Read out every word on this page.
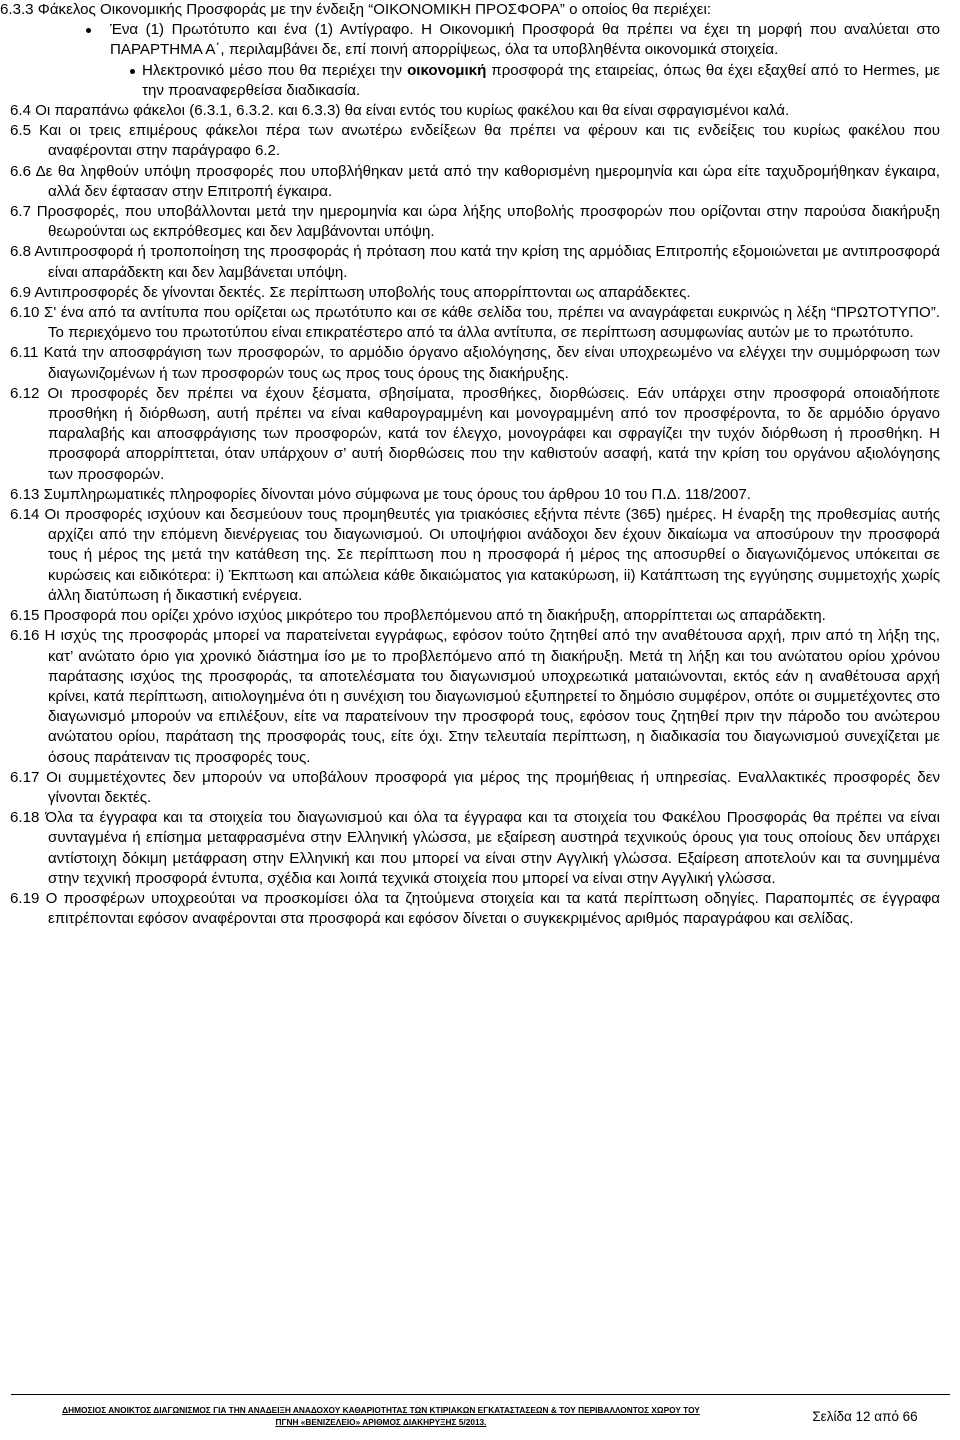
6.3.3 Φάκελος Οικονομικής Προσφοράς με την ένδειξη “ΟΙΚΟΝΟΜΙΚΗ ΠΡΟΣΦΟΡΑ” ο οποίος θα περιέχει:

Ένα (1) Πρωτότυπο και ένα (1) Αντίγραφο. Η Οικονομική Προσφορά θα πρέπει να έχει τη μορφή που αναλύεται στο ΠΑΡΑΡΤΗΜΑ Α΄, περιλαμβάνει δε, επί ποινή απορρίψεως, όλα τα υποβληθέντα οικονομικά στοιχεία.

Ηλεκτρονικό μέσο που θα περιέχει την οικονομική προσφορά της εταιρείας, όπως θα έχει εξαχθεί από το Hermes, με την προαναφερθείσα διαδικασία.

6.4 Οι παραπάνω φάκελοι (6.3.1, 6.3.2. και 6.3.3) θα είναι εντός του κυρίως φακέλου και θα είναι σφραγισμένοι καλά.

6.5 Και οι τρεις επιμέρους φάκελοι πέρα των ανωτέρω ενδείξεων θα πρέπει να φέρουν και τις ενδείξεις του κυρίως φακέλου που αναφέρονται στην παράγραφο 6.2.

6.6 Δε θα ληφθούν υπόψη προσφορές που υποβλήθηκαν μετά από την καθορισμένη ημερομηνία και ώρα είτε ταχυδρομήθηκαν έγκαιρα, αλλά δεν έφτασαν στην Επιτροπή έγκαιρα.

6.7 Προσφορές, που υποβάλλονται μετά την ημερομηνία και ώρα λήξης υποβολής προσφορών που ορίζονται στην παρούσα διακήρυξη θεωρούνται ως εκπρόθεσμες και δεν λαμβάνονται υπόψη.

6.8 Αντιπροσφορά ή τροποποίηση της προσφοράς ή πρόταση που κατά την κρίση της αρμόδιας Επιτροπής εξομοιώνεται με αντιπροσφορά είναι απαράδεκτη και δεν λαμβάνεται υπόψη.

6.9 Αντιπροσφορές δε γίνονται δεκτές. Σε περίπτωση υποβολής τους απορρίπτονται ως απαράδεκτες.

6.10 Σ' ένα από τα αντίτυπα που ορίζεται ως πρωτότυπο και σε κάθε σελίδα του, πρέπει να αναγράφεται ευκρινώς η λέξη “ΠΡΩΤΟΤΥΠΟ”. Το περιεχόμενο του πρωτοτύπου είναι επικρατέστερο από τα άλλα αντίτυπα, σε περίπτωση ασυμφωνίας αυτών με το πρωτότυπο.

6.11 Κατά την αποσφράγιση των προσφορών, το αρμόδιο όργανο αξιολόγησης, δεν είναι υποχρεωμένο να ελέγχει την συμμόρφωση των διαγωνιζομένων ή των προσφορών τους ως προς τους όρους της διακήρυξης.

6.12 Οι προσφορές δεν πρέπει να έχουν ξέσματα, σβησίματα, προσθήκες, διορθώσεις. Εάν υπάρχει στην προσφορά οποιαδήποτε προσθήκη ή διόρθωση, αυτή πρέπει να είναι καθαρογραμμένη και μονογραμμένη από τον προσφέροντα, το δε αρμόδιο όργανο παραλαβής και αποσφράγισης των προσφορών, κατά τον έλεγχο, μονογράφει και σφραγίζει την τυχόν διόρθωση ή προσθήκη. Η προσφορά απορρίπτεται, όταν υπάρχουν σ’ αυτή διορθώσεις που την καθιστούν ασαφή, κατά την κρίση του οργάνου αξιολόγησης των προσφορών.

6.13 Συμπληρωματικές πληροφορίες δίνονται μόνο σύμφωνα με τους όρους του άρθρου 10 του Π.Δ. 118/2007.

6.14 Οι προσφορές ισχύουν και δεσμεύουν τους προμηθευτές για τριακόσιες εξήντα πέντε (365) ημέρες. Η έναρξη της προθεσμίας αυτής αρχίζει από την επόμενη διενέργειας του διαγωνισμού. Οι υποψήφιοι ανάδοχοι δεν έχουν δικαίωμα να αποσύρουν την προσφορά τους ή μέρος της μετά την κατάθεση της. Σε περίπτωση που η προσφορά ή μέρος της αποσυρθεί ο διαγωνιζόμενος υπόκειται σε κυρώσεις και ειδικότερα: i) Έκπτωση και απώλεια κάθε δικαιώματος για κατακύρωση, ii) Κατάπτωση της εγγύησης συμμετοχής χωρίς άλλη διατύπωση ή δικαστική ενέργεια.

6.15 Προσφορά που ορίζει χρόνο ισχύος μικρότερο του προβλεπόμενου από τη διακήρυξη, απορρίπτεται ως απαράδεκτη.

6.16 Η ισχύς της προσφοράς μπορεί να παρατείνεται εγγράφως, εφόσον τούτο ζητηθεί από την αναθέτουσα αρχή, πριν από τη λήξη της, κατ’ ανώτατο όριο για χρονικό διάστημα ίσο με το προβλεπόμενο από τη διακήρυξη. Μετά τη λήξη και του ανώτατου ορίου χρόνου παράτασης ισχύος της προσφοράς, τα αποτελέσματα του διαγωνισμού υποχρεωτικά ματαιώνονται, εκτός εάν η αναθέτουσα αρχή κρίνει, κατά περίπτωση, αιτιολογημένα ότι η συνέχιση του διαγωνισμού εξυπηρετεί το δημόσιο συμφέρον, οπότε οι συμμετέχοντες στο διαγωνισμό μπορούν να επιλέξουν, είτε να παρατείνουν την προσφορά τους, εφόσον τους ζητηθεί πριν την πάροδο του ανώτερου ανώτατου ορίου, παράταση της προσφοράς τους, είτε όχι. Στην τελευταία περίπτωση, η διαδικασία του διαγωνισμού συνεχίζεται με όσους παράτειναν τις προσφορές τους.

6.17 Οι συμμετέχοντες δεν μπορούν να υποβάλουν προσφορά για μέρος της προμήθειας ή υπηρεσίας. Εναλλακτικές προσφορές δεν γίνονται δεκτές.

6.18 Όλα τα έγγραφα και τα στοιχεία του διαγωνισμού και όλα τα έγγραφα και τα στοιχεία του Φακέλου Προσφοράς θα πρέπει να είναι συνταγμένα ή επίσημα μεταφρασμένα στην Ελληνική γλώσσα, με εξαίρεση αυστηρά τεχνικούς όρους για τους οποίους δεν υπάρχει αντίστοιχη δόκιμη μετάφραση στην Ελληνική και που μπορεί να είναι στην Αγγλική γλώσσα. Εξαίρεση αποτελούν και τα συνημμένα στην τεχνική προσφορά έντυπα, σχέδια και λοιπά τεχνικά στοιχεία που μπορεί να είναι στην Αγγλική γλώσσα.

6.19 Ο προσφέρων υποχρεούται να προσκομίσει όλα τα ζητούμενα στοιχεία και τα κατά περίπτωση οδηγίες. Παραπομπές σε έγγραφα επιτρέπονται εφόσον αναφέρονται στα προσφορά και εφόσον δίνεται ο συγκεκριμένος αριθμός παραγράφου και σελίδας.

ΔΗΜΟΣΙΟΣ ΑΝΟΙΚΤΟΣ ΔΙΑΓΩΝΙΣΜΟΣ ΓΙΑ ΤΗΝ ΑΝΑΔΕΙΞΗ ΑΝΑΔΟΧΟΥ ΚΑΘΑΡΙΟΤΗΤΑΣ ΤΩΝ ΚΤΙΡΙΑΚΩΝ ΕΓΚΑΤΑΣΤΑΣΕΩΝ & ΤΟΥ ΠΕΡΙΒΑΛΛΟΝΤΟΣ ΧΩΡΟΥ ΤΟΥ
ΠΓΝΗ «ΒΕΝΙΖΕΛΕΙΟ» ΑΡΙΘΜΟΣ ΔΙΑΚΗΡΥΞΗΣ 5/2013.	Σελίδα 12 από 66
